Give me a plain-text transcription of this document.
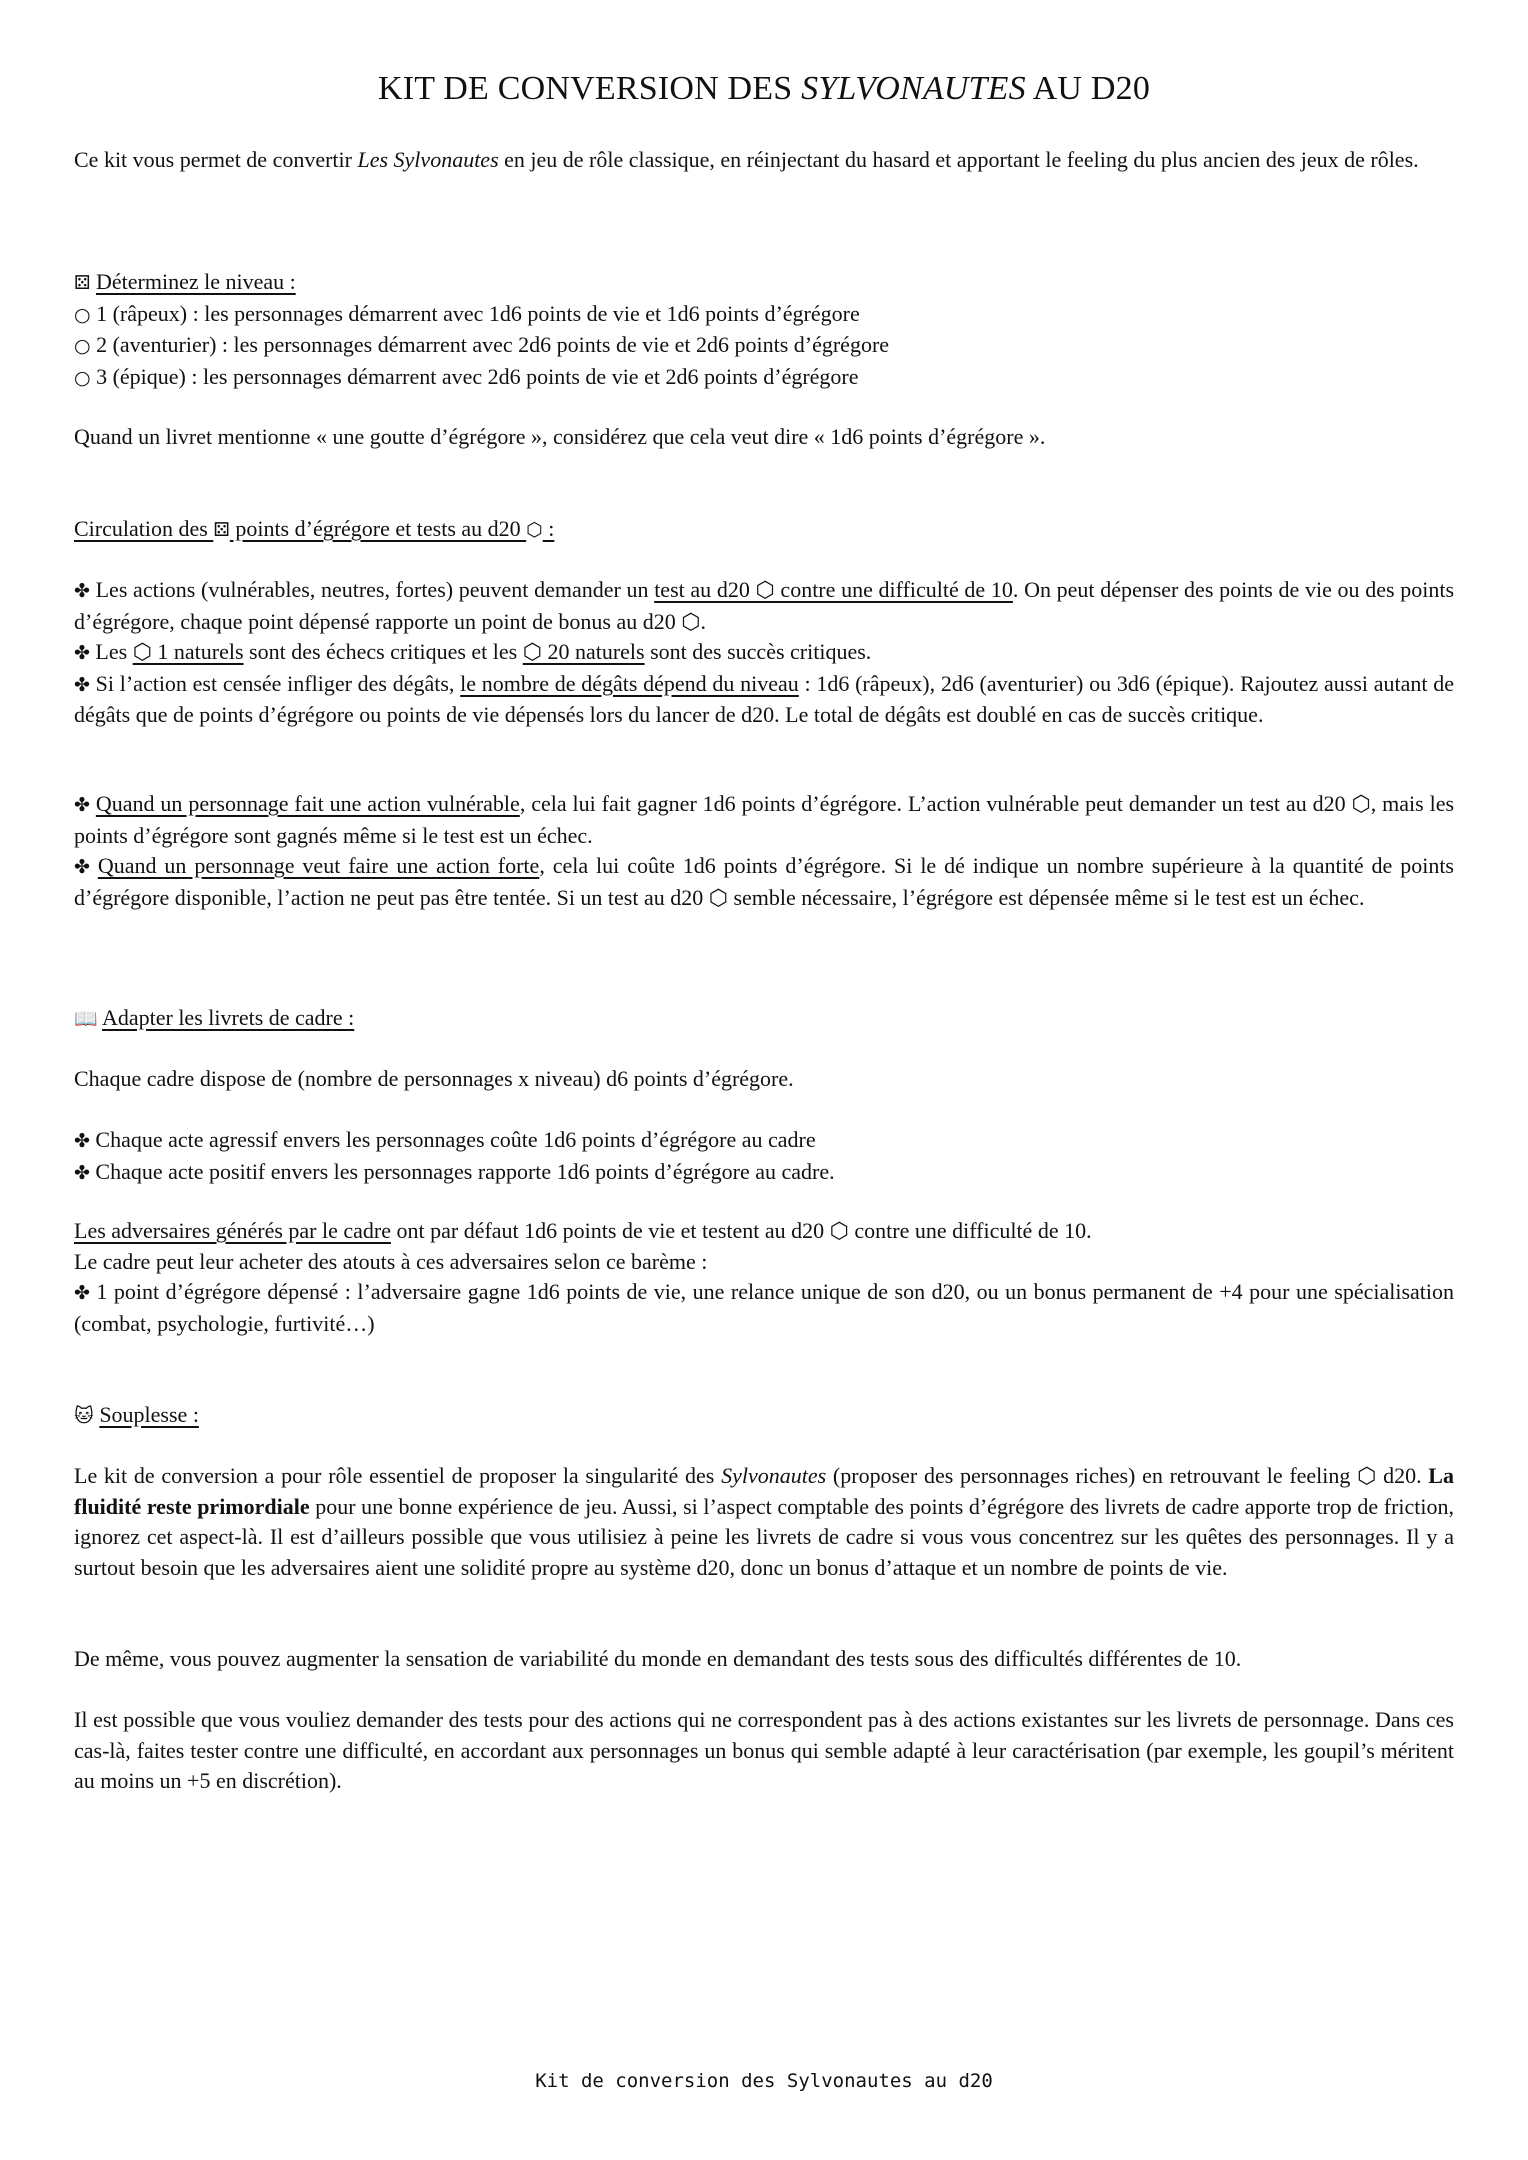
KIT DE CONVERSION DES SYLVONAUTES AU D20
Ce kit vous permet de convertir Les Sylvonautes en jeu de rôle classique, en réinjectant du hasard et apportant le feeling du plus ancien des jeux de rôles.
⚄ Déterminez le niveau :
○ 1 (râpeux) : les personnages démarrent avec 1d6 points de vie et 1d6 points d’égrégore
○ 2 (aventurier) : les personnages démarrent avec 2d6 points de vie et 2d6 points d’égrégore
○ 3 (épique) : les personnages démarrent avec 2d6 points de vie et 2d6 points d’égrégore
Quand un livret mentionne « une goutte d’égrégore », considérez que cela veut dire « 1d6 points d’égrégore ».
Circulation des ⚄ points d’égrégore et tests au d20 ⬡ :
✤ Les actions (vulnérables, neutres, fortes) peuvent demander un test au d20 ⬡ contre une difficulté de 10. On peut dépenser des points de vie ou des points d’égrégore, chaque point dépensé rapporte un point de bonus au d20 ⬡.
✤ Les ⬡ 1 naturels sont des échecs critiques et les ⬡ 20 naturels sont des succès critiques.
✤ Si l’action est censée infliger des dégâts, le nombre de dégâts dépend du niveau : 1d6 (râpeux), 2d6 (aventurier) ou 3d6 (épique). Rajoutez aussi autant de dégâts que de points d’égrégore ou points de vie dépensés lors du lancer de d20. Le total de dégâts est doublé en cas de succès critique.
✤ Quand un personnage fait une action vulnérable, cela lui fait gagner 1d6 points d’égrégore. L’action vulnérable peut demander un test au d20 ⬡, mais les points d’égrégore sont gagnés même si le test est un échec.
✤ Quand un personnage veut faire une action forte, cela lui coûte 1d6 points d’égrégore. Si le dé indique un nombre supérieure à la quantité de points d’égrégore disponible, l’action ne peut pas être tentée. Si un test au d20 ⬡ semble nécessaire, l’égrégore est dépensée même si le test est un échec.
📖 Adapter les livrets de cadre :
Chaque cadre dispose de (nombre de personnages x niveau) d6 points d’égrégore.
✤ Chaque acte agressif envers les personnages coûte 1d6 points d’égrégore au cadre
✤ Chaque acte positif envers les personnages rapporte 1d6 points d’égrégore au cadre.
Les adversaires générés par le cadre ont par défaut 1d6 points de vie et testent au d20 ⬡ contre une difficulté de 10.
Le cadre peut leur acheter des atouts à ces adversaires selon ce barème :
✤ 1 point d’égrégore dépensé : l’adversaire gagne 1d6 points de vie, une relance unique de son d20, ou un bonus permanent de +4 pour une spécialisation (combat, psychologie, furtivité…)
🐱 Souplesse :
Le kit de conversion a pour rôle essentiel de proposer la singularité des Sylvonautes (proposer des personnages riches) en retrouvant le feeling ⬡ d20. La fluidité reste primordiale pour une bonne expérience de jeu. Aussi, si l’aspect comptable des points d’égrégore des livrets de cadre apporte trop de friction, ignorez cet aspect-là. Il est d’ailleurs possible que vous utilisiez à peine les livrets de cadre si vous vous concentrez sur les quêtes des personnages. Il y a surtout besoin que les adversaires aient une solidité propre au système d20, donc un bonus d’attaque et un nombre de points de vie.
De même, vous pouvez augmenter la sensation de variabilité du monde en demandant des tests sous des difficultés différentes de 10.
Il est possible que vous vouliez demander des tests pour des actions qui ne correspondent pas à des actions existantes sur les livrets de personnage. Dans ces cas-là, faites tester contre une difficulté, en accordant aux personnages un bonus qui semble adapté à leur caractérisation (par exemple, les goupil’s méritent au moins un +5 en discrétion).
Kit de conversion des Sylvonautes au d20
